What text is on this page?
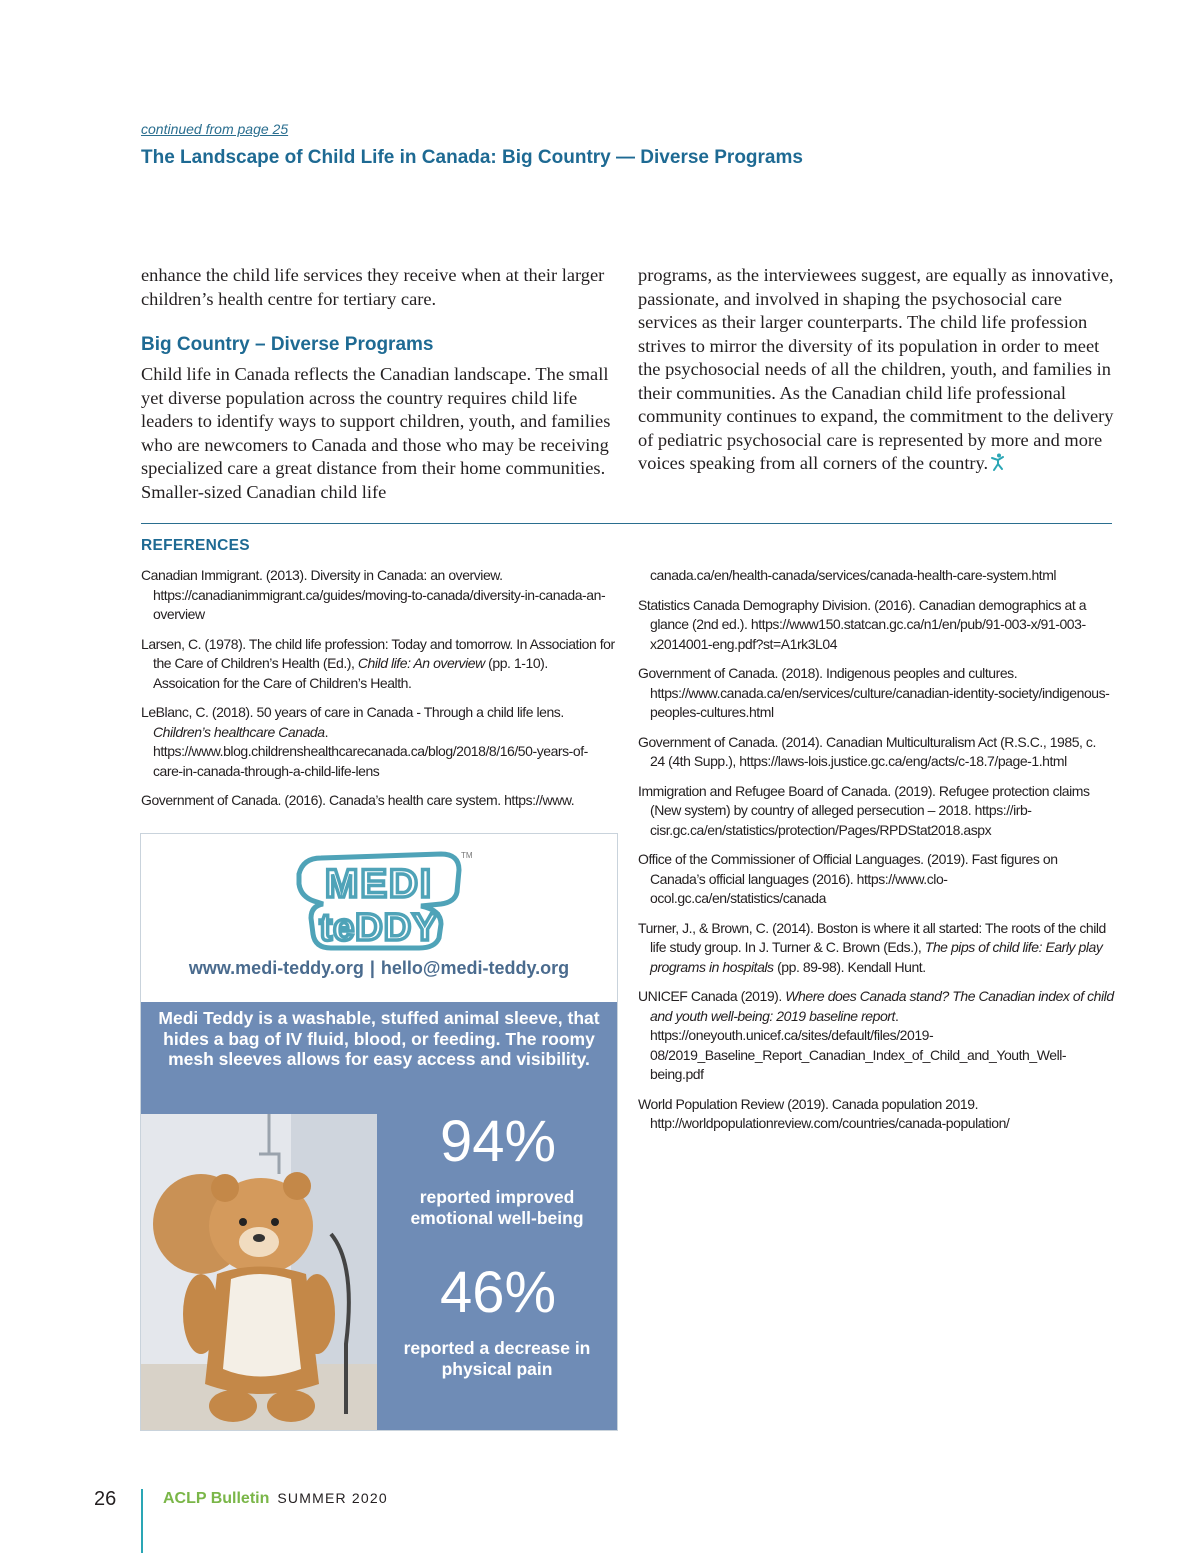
continued from page 25

The Landscape of Child Life in Canada: Big Country — Diverse Programs

enhance the child life services they receive when at their larger children’s health centre for tertiary care.

Big Country – Diverse Programs

Child life in Canada reflects the Canadian landscape. The small yet diverse population across the country requires child life leaders to identify ways to support children, youth, and families who are newcomers to Canada and those who may be receiving specialized care a great distance from their home communities. Smaller-sized Canadian child life

programs, as the interviewees suggest, are equally as innovative, passionate, and involved in shaping the psychosocial care services as their larger counterparts. The child life profession strives to mirror the diversity of its population in order to meet the psychosocial needs of all the children, youth, and families in their communities. As the Canadian child life professional community continues to expand, the commitment to the delivery of pediatric psychosocial care is represented by more and more voices speaking from all corners of the country.

REFERENCES

Canadian Immigrant. (2013). Diversity in Canada: an overview. https://canadianimmigrant.ca/guides/moving-to-canada/diversity-in-canada-an-overview

Larsen, C. (1978). The child life profession: Today and tomorrow. In Association for the Care of Children’s Health (Ed.), Child life: An overview (pp. 1-10). Assoication for the Care of Children’s Health.

LeBlanc, C. (2018). 50 years of care in Canada - Through a child life lens. Children’s healthcare Canada. https://www.blog.childrenshealthcarecanada.ca/blog/2018/8/16/50-years-of-care-in-canada-through-a-child-life-lens

Government of Canada. (2016). Canada’s health care system. https://www.

canada.ca/en/health-canada/services/canada-health-care-system.html

Statistics Canada Demography Division. (2016). Canadian demographics at a glance (2nd ed.). https://www150.statcan.gc.ca/n1/en/pub/91-003-x/91-003-x2014001-eng.pdf?st=A1rk3L04

Government of Canada. (2018). Indigenous peoples and cultures. https://www.canada.ca/en/services/culture/canadian-identity-society/indigenous-peoples-cultures.html

Government of Canada. (2014). Canadian Multiculturalism Act (R.S.C., 1985, c. 24 (4th Supp.), https://laws-lois.justice.gc.ca/eng/acts/c-18.7/page-1.html

Immigration and Refugee Board of Canada. (2019). Refugee protection claims (New system) by country of alleged persecution – 2018. https://irb-cisr.gc.ca/en/statistics/protection/Pages/RPDStat2018.aspx

Office of the Commissioner of Official Languages. (2019). Fast figures on Canada’s official languages (2016). https://www.clo-ocol.gc.ca/en/statistics/canada

Turner, J., & Brown, C. (2014). Boston is where it all started: The roots of the child life study group. In J. Turner & C. Brown (Eds.), The pips of child life: Early play programs in hospitals (pp. 89-98). Kendall Hunt.

UNICEF Canada (2019). Where does Canada stand? The Canadian index of child and youth well-being: 2019 baseline report. https://oneyouth.unicef.ca/sites/default/files/2019-08/2019_Baseline_Report_Canadian_Index_of_Child_and_Youth_Well-being.pdf

World Population Review (2019). Canada population 2019. http://worldpopulationreview.com/countries/canada-population/

MEDI
teDDY
TM

www.medi-teddy.org | hello@medi-teddy.org

Medi Teddy is a washable, stuffed animal sleeve, that hides a bag of IV fluid, blood, or feeding. The roomy mesh sleeves allows for easy access and visibility.

94%

reported improved emotional well-being

46%

reported a decrease in physical pain

26	ACLP Bulletin SUMMER 2020
